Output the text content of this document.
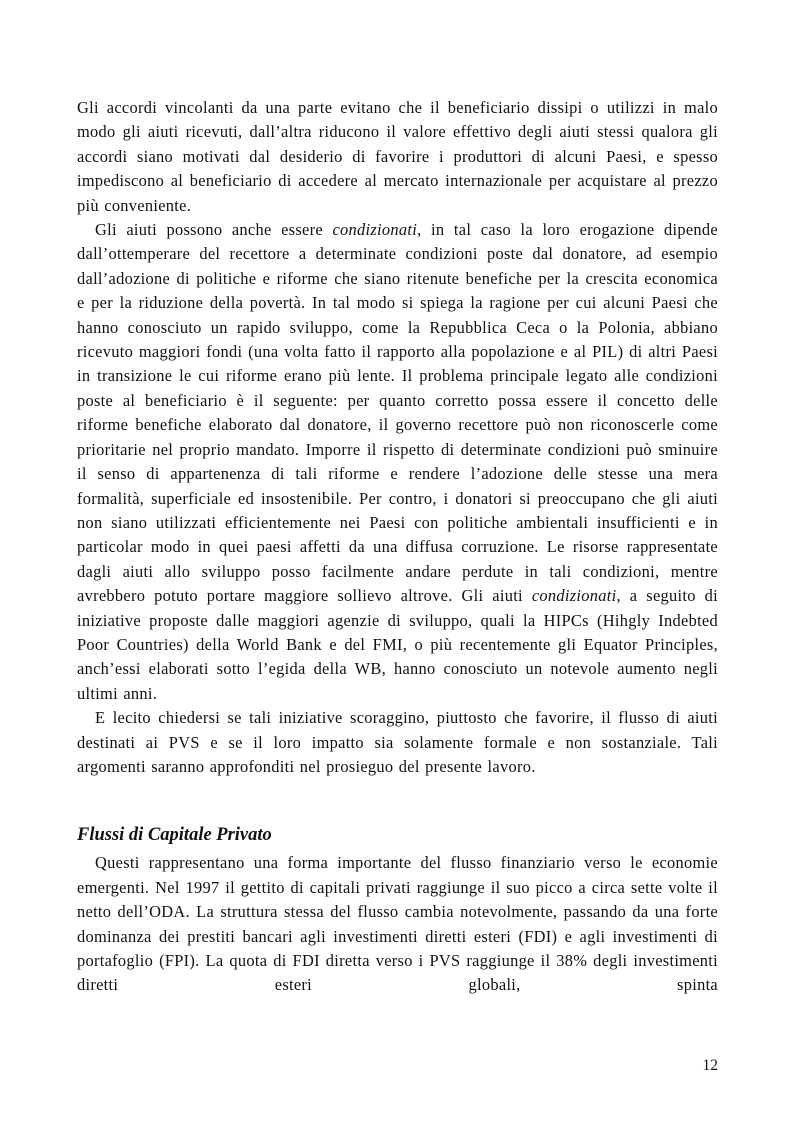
Gli accordi vincolanti da una parte evitano che il beneficiario dissipi o utilizzi in malo modo gli aiuti ricevuti, dall’altra riducono il valore effettivo degli aiuti stessi qualora gli accordi siano motivati dal desiderio di favorire i produttori di alcuni Paesi, e spesso impediscono al beneficiario di accedere al mercato internazionale per acquistare al prezzo più conveniente.

Gli aiuti possono anche essere condizionati, in tal caso la loro erogazione dipende dall’ottemperare del recettore a determinate condizioni poste dal donatore, ad esempio dall’adozione di politiche e riforme che siano ritenute benefiche per la crescita economica e per la riduzione della povertà. In tal modo si spiega la ragione per cui alcuni Paesi che hanno conosciuto un rapido sviluppo, come la Repubblica Ceca o la Polonia, abbiano ricevuto maggiori fondi (una volta fatto il rapporto alla popolazione e al PIL) di altri Paesi in transizione le cui riforme erano più lente. Il problema principale legato alle condizioni poste al beneficiario è il seguente: per quanto corretto possa essere il concetto delle riforme benefiche elaborato dal donatore, il governo recettore può non riconoscerle come prioritarie nel proprio mandato. Imporre il rispetto di determinate condizioni può sminuire il senso di appartenenza di tali riforme e rendere l’adozione delle stesse una mera formalità, superficiale ed insostenibile. Per contro, i donatori si preoccupano che gli aiuti non siano utilizzati efficientemente nei Paesi con politiche ambientali insufficienti e in particolar modo in quei paesi affetti da una diffusa corruzione. Le risorse rappresentate dagli aiuti allo sviluppo posso facilmente andare perdute in tali condizioni, mentre avrebbero potuto portare maggiore sollievo altrove. Gli aiuti condizionati, a seguito di iniziative proposte dalle maggiori agenzie di sviluppo, quali la HIPCs (Hihgly Indebted Poor Countries) della World Bank e del FMI, o più recentemente gli Equator Principles, anch’essi elaborati sotto l’egida della WB, hanno conosciuto un notevole aumento negli ultimi anni.

E lecito chiedersi se tali iniziative scoraggino, piuttosto che favorire, il flusso di aiuti destinati ai PVS e se il loro impatto sia solamente formale e non sostanziale. Tali argomenti saranno approfonditi nel prosieguo del presente lavoro.

Flussi di Capitale Privato

Questi rappresentano una forma importante del flusso finanziario verso le economie emergenti. Nel 1997 il gettito di capitali privati raggiunge il suo picco a circa sette volte il netto dell’ODA. La struttura stessa del flusso cambia notevolmente, passando da una forte dominanza dei prestiti bancari agli investimenti diretti esteri (FDI) e agli investimenti di portafoglio (FPI). La quota di FDI diretta verso i PVS raggiunge il 38% degli investimenti diretti esteri globali, spinta

12
